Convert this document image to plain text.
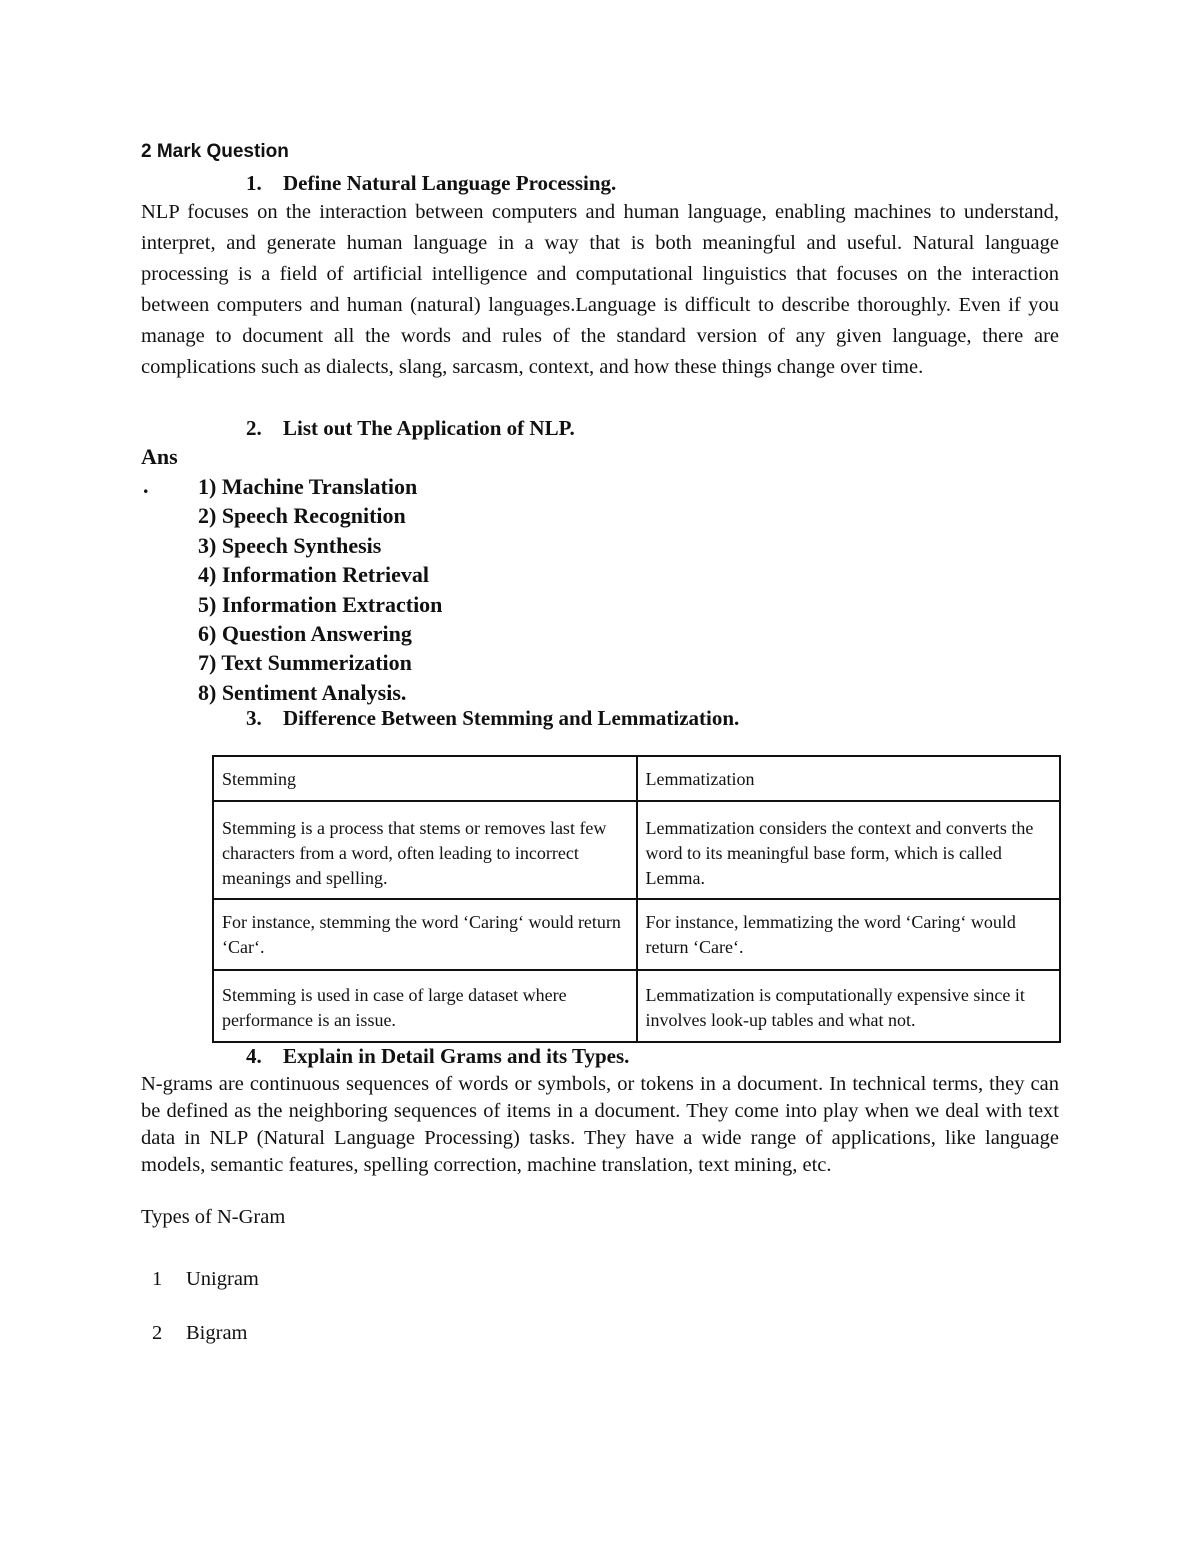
2 Mark Question
1. Define Natural Language Processing.
NLP focuses on the interaction between computers and human language, enabling machines to understand, interpret, and generate human language in a way that is both meaningful and useful. Natural language processing is a field of artificial intelligence and computational linguistics that focuses on the interaction between computers and human (natural) languages.Language is difficult to describe thoroughly. Even if you manage to document all the words and rules of the standard version of any given language, there are complications such as dialects, slang, sarcasm, context, and how these things change over time.
2. List out The Application of NLP.
Ans
. 1) Machine Translation
2) Speech Recognition
3) Speech Synthesis
4) Information Retrieval
5) Information Extraction
6) Question Answering
7) Text Summerization
8) Sentiment Analysis.
3. Difference Between Stemming and Lemmatization.
Stemming	Lemmatization
Stemming is a process that stems or removes last few characters from a word, often leading to incorrect meanings and spelling.	Lemmatization considers the context and converts the word to its meaningful base form, which is called Lemma.
For instance, stemming the word ‘Caring‘ would return ‘Car‘.	For instance, lemmatizing the word ‘Caring‘ would return ‘Care‘.
Stemming is used in case of large dataset where performance is an issue.	Lemmatization is computationally expensive since it involves look-up tables and what not.
4. Explain in Detail Grams and its Types.
N-grams are continuous sequences of words or symbols, or tokens in a document. In technical terms, they can be defined as the neighboring sequences of items in a document. They come into play when we deal with text data in NLP (Natural Language Processing) tasks. They have a wide range of applications, like language models, semantic features, spelling correction, machine translation, text mining, etc.
Types of N-Gram
1 Unigram
2 Bigram
